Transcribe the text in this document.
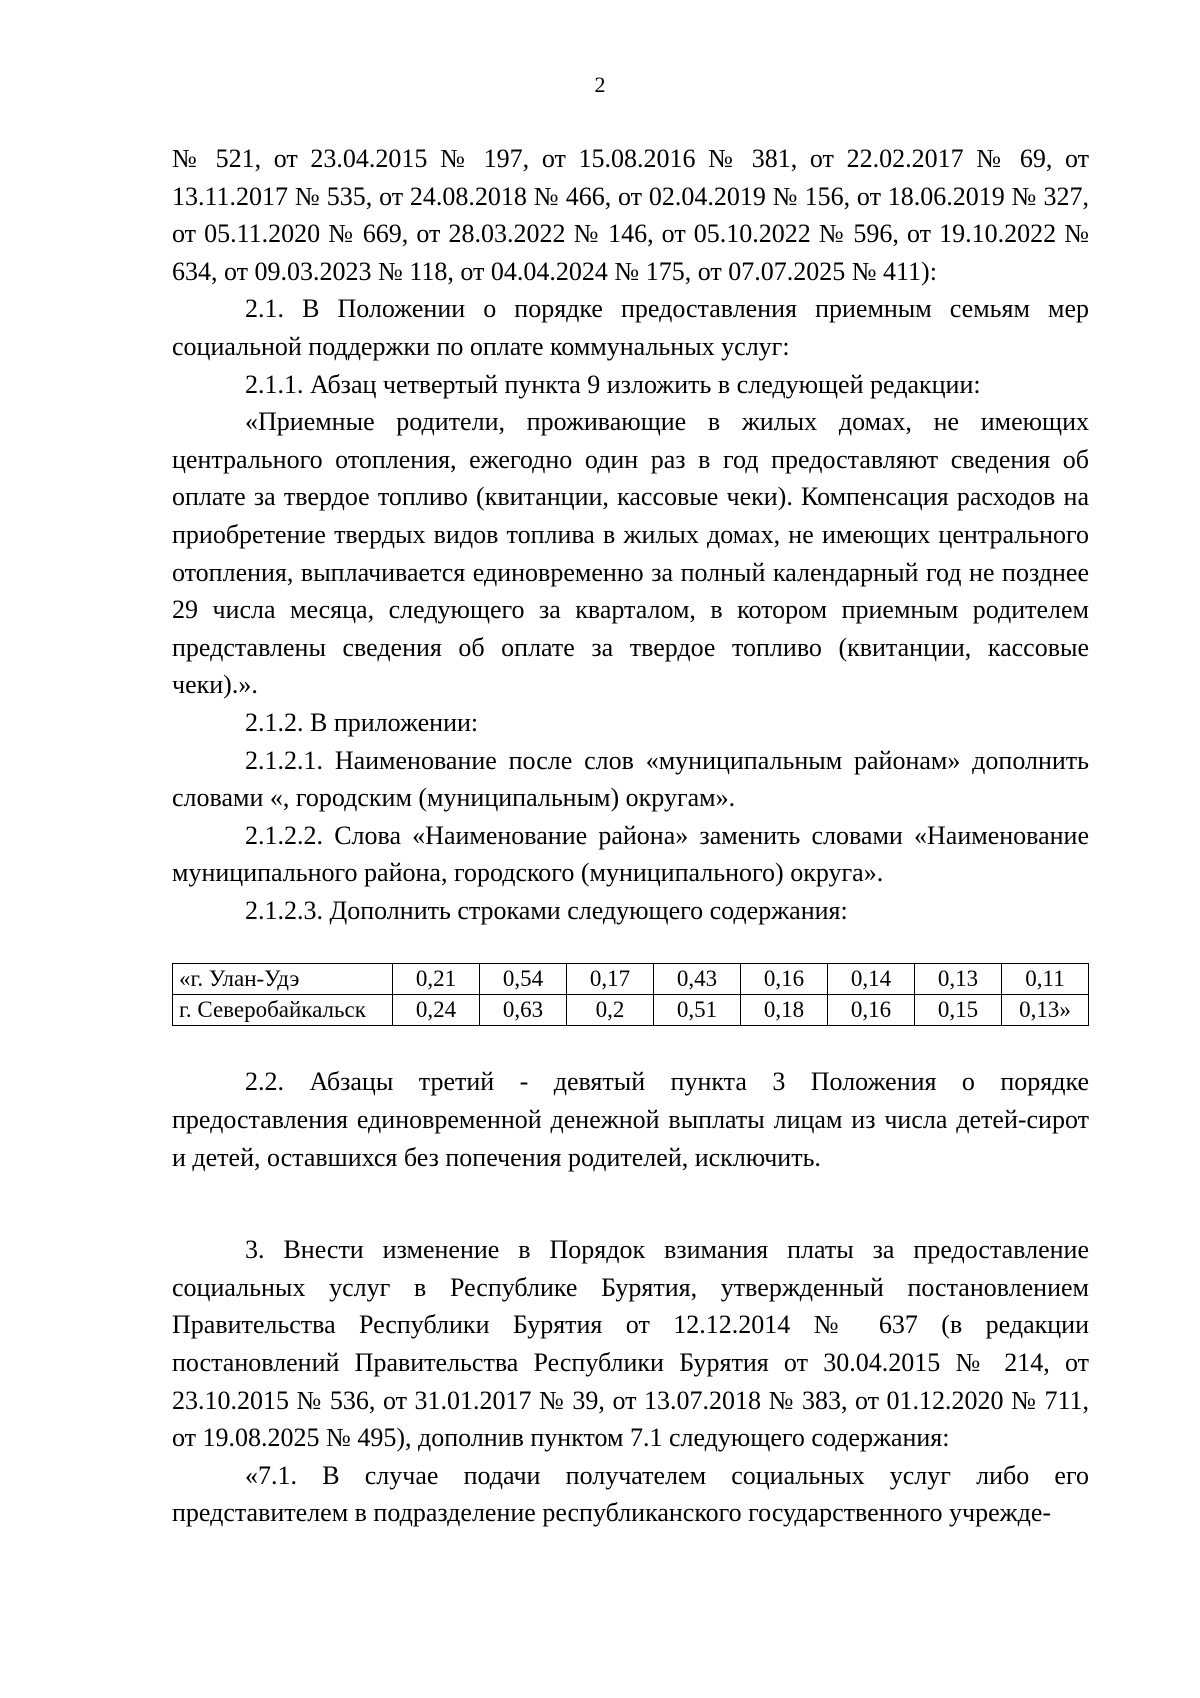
2

№ 521, от 23.04.2015 № 197, от 15.08.2016 № 381, от 22.02.2017 № 69, от 13.11.2017 № 535, от 24.08.2018 № 466, от 02.04.2019 № 156, от 18.06.2019 № 327, от 05.11.2020 № 669, от 28.03.2022 № 146, от 05.10.2022 № 596, от 19.10.2022 № 634, от 09.03.2023 № 118, от 04.04.2024 № 175, от 07.07.2025 № 411):

2.1. В Положении о порядке предоставления приемным семьям мер социальной поддержки по оплате коммунальных услуг:

2.1.1. Абзац четвертый пункта 9 изложить в следующей редакции:

«Приемные родители, проживающие в жилых домах, не имеющих центрального отопления, ежегодно один раз в год предоставляют сведения об оплате за твердое топливо (квитанции, кассовые чеки). Компенсация расходов на приобретение твердых видов топлива в жилых домах, не имеющих центрального отопления, выплачивается единовременно за полный календарный год не позднее 29 числа месяца, следующего за кварталом, в котором приемным родителем представлены сведения об оплате за твердое топливо (квитанции, кассовые чеки).».

2.1.2. В приложении:

2.1.2.1. Наименование после слов «муниципальным районам» дополнить словами «, городским (муниципальным) округам».

2.1.2.2. Слова «Наименование района» заменить словами «Наименование муниципального района, городского (муниципального) округа».

2.1.2.3. Дополнить строками следующего содержания:

«г. Улан-Удэ	0,21	0,54	0,17	0,43	0,16	0,14	0,13	0,11
г. Северобайкальск	0,24	0,63	0,2	0,51	0,18	0,16	0,15	0,13»

2.2. Абзацы третий - девятый пункта 3 Положения о порядке предоставления единовременной денежной выплаты лицам из числа детей-сирот и детей, оставшихся без попечения родителей, исключить.

3. Внести изменение в Порядок взимания платы за предоставление социальных услуг в Республике Бурятия, утвержденный постановлением Правительства Республики Бурятия от 12.12.2014 № 637 (в редакции постановлений Правительства Республики Бурятия от 30.04.2015 № 214, от 23.10.2015 № 536, от 31.01.2017 № 39, от 13.07.2018 № 383, от 01.12.2020 № 711, от 19.08.2025 № 495), дополнив пунктом 7.1 следующего содержания:

«7.1. В случае подачи получателем социальных услуг либо его представителем в подразделение республиканского государственного учрежде-
